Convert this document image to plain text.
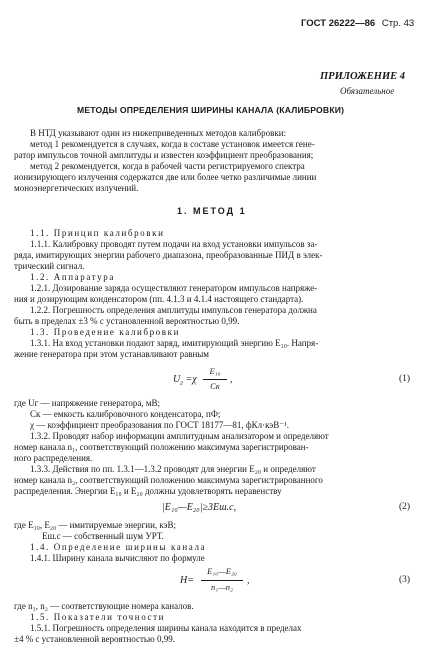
ГОСТ 26222—86 Стр. 43
ПРИЛОЖЕНИЕ 4
Обязательное
МЕТОДЫ ОПРЕДЕЛЕНИЯ ШИРИНЫ КАНАЛА (КАЛИБРОВКИ)
В НТД указывают один из нижеприведенных методов калибровки:
метод 1 рекомендуется в случаях, когда в составе установок имеется гене-
ратор импульсов точной амплитуды и известен коэффициент преобразования;
метод 2 рекомендуется, когда в рабочей части регистрируемого спектра
ионизирующего излучения содержатся две или более четко различимые линии
моноэнергетических излучений.
1. МЕТОД 1
1.1. Принцип калибровки
1.1.1. Калибровку проводят путем подачи на вход установки импульсов за-
ряда, имитирующих энергии рабочего диапазона, преобразованные ПИД в элек-
трический сигнал.
1.2. Аппаратура
1.2.1. Дозирование заряда осуществляют генератором импульсов напряже-
ния и дозирующим конденсатором (пп. 4.1.3 и 4.1.4 настоящего стандарта).
1.2.2. Погрешность определения амплитуды импульсов генератора должна
быть в пределах ±3 % с установленной вероятностью 0,99.
1.3. Проведение калибровки
1.3.1. На вход установки подают заряд, имитирующий энергию E₁₀. Напря-
жение генератора при этом устанавливают равным
$U_г =\chi$
E₁₀
Cк
,	(1)
где Uг — напряжение генератора, мВ;
Cк — емкость калибровочного конденсатора, пФ;
χ — коэффициент преобразования по ГОСТ 18177—81, фКл·кэВ⁻¹.
1.3.2. Проводят набор информации амплитудным анализатором и определяют
номер канала n₁, соответствующий положению максимума зарегистрирован-
ного распределения.
1.3.3. Действия по пп. 1.3.1—1.3.2 проводят для энергии E₂₀ и определяют
номер канала n₂, соответствующий положению максимума зарегистрированного
распределения. Энергии E₁₀ и E₂₀ должны удовлетворять неравенству
|E₁₀—E₂₀|≥3Eш.с,	(2)
где E₁₀, E₂₀ — имитируемые энергии, кэВ;
Eш.с — собственный шум УРТ.
1.4. Определение ширины канала
1.4.1. Ширину канала вычисляют по формуле
H=
E₁₀—E₂₀
n₁—n₂
,	(3)
где n₁, n₂ — соответствующие номера каналов.
1.5. Показатели точности
1.5.1. Погрешность определения ширины канала находится в пределах
±4 % с установленной вероятностью 0,99.
